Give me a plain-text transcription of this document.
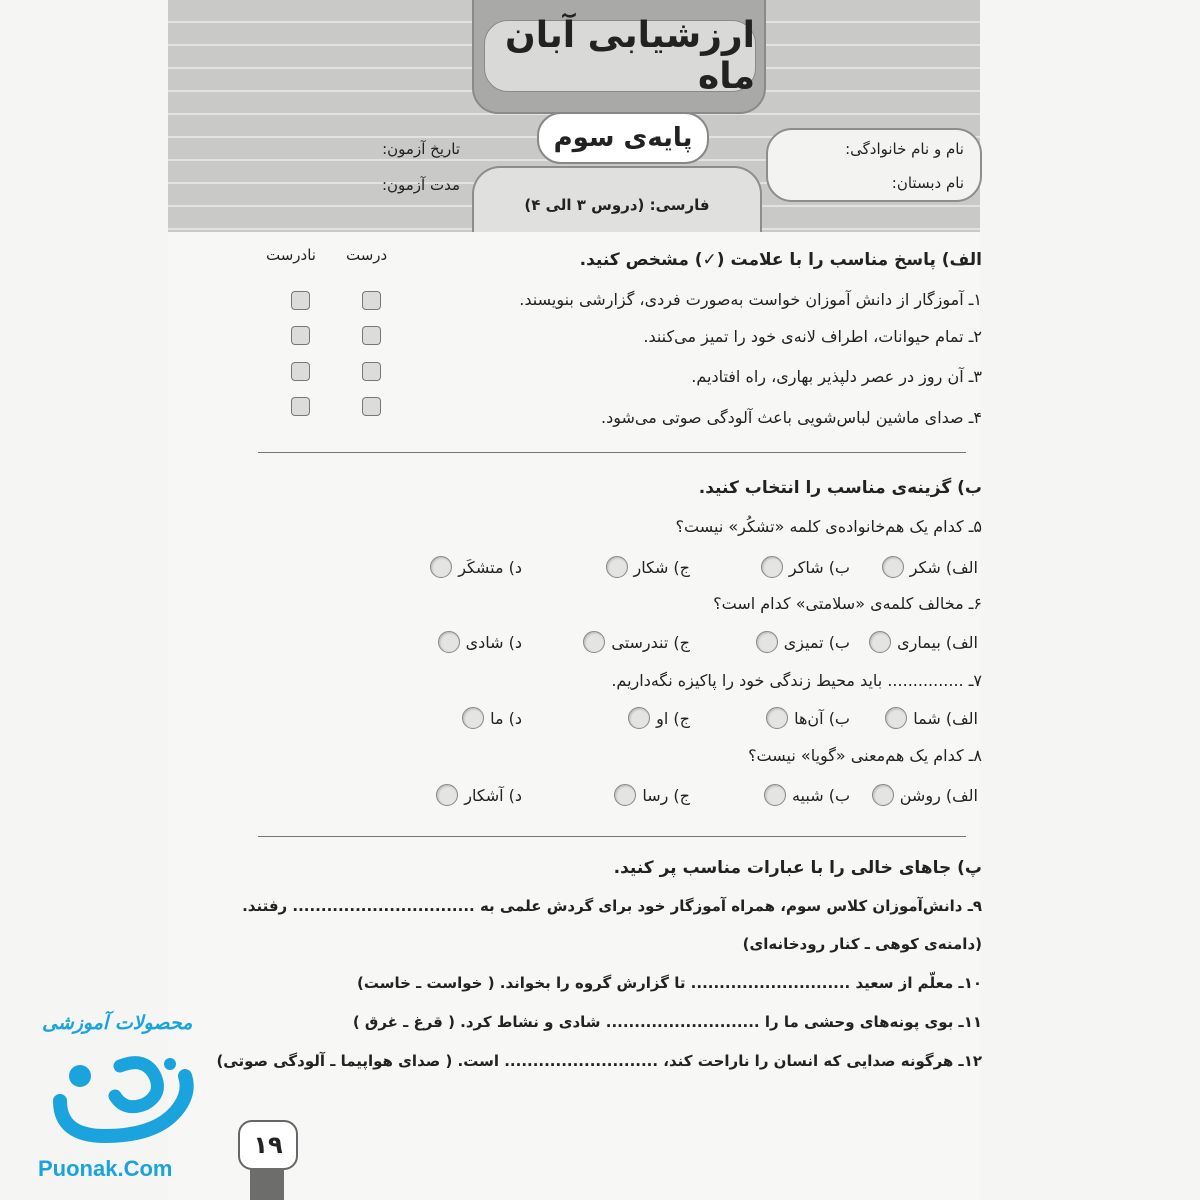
ارزشیابی آبان ماه
نام و نام خانوادگی:
نام دبستان:
تاریخ آزمون:
مدت آزمون:
فارسی: (دروس ۳ الی ۴)
پایه‌ی سوم
الف) پاسخ مناسب را با علامت (✓) مشخص کنید.
درست
نادرست
۱ـ آموزگار از دانش آموزان خواست به‌صورت فردی، گزارشی بنویسند.
۲ـ تمام حیوانات، اطراف لانه‌ی خود را تمیز می‌کنند.
۳ـ آن روز در عصر دلپذیر بهاری، راه افتادیم.
۴ـ صدای ماشین لباس‌شویی باعث آلودگی صوتی می‌شود.
ب) گزینه‌ی مناسب را انتخاب کنید.
۵ـ کدام یک هم‌خانواده‌ی کلمه «تشکُر» نیست؟
الف) شکر
ب) شاکر
ج) شکار
د) متشکَر
۶ـ مخالف کلمه‌ی «سلامتی» کدام است؟
الف) بیماری
ب) تمیزی
ج) تندرستی
د) شادی
۷ـ ............... باید محیط زندگی خود را پاکیزه نگه‌داریم.
الف) شما
ب) آن‌ها
ج) او
د) ما
۸ـ کدام یک هم‌معنی «گویا» نیست؟
الف) روشن
ب) شبیه
ج) رسا
د) آشکار
پ) جاهای خالی را با عبارات مناسب پر کنید.
۹ـ دانش‌آموزان کلاس سوم، همراه آموزگار خود برای گردش علمی به ................................ رفتند.
(دامنه‌ی کوهی ـ کنار رودخانه‌ای)
۱۰ـ معلّم از سعید ............................ تا گزارش گروه را بخواند. ( خواست ـ خاست)
۱۱ـ بوی پونه‌های وحشی ما را ........................... شادی و نشاط کرد. ( قرغ ـ غرق )
۱۲ـ هرگونه صدایی که انسان را ناراحت کند، ........................... است. ( صدای هواپیما ـ آلودگی صوتی)
۱۹
محصولات آموزشی
Puonak.Com
